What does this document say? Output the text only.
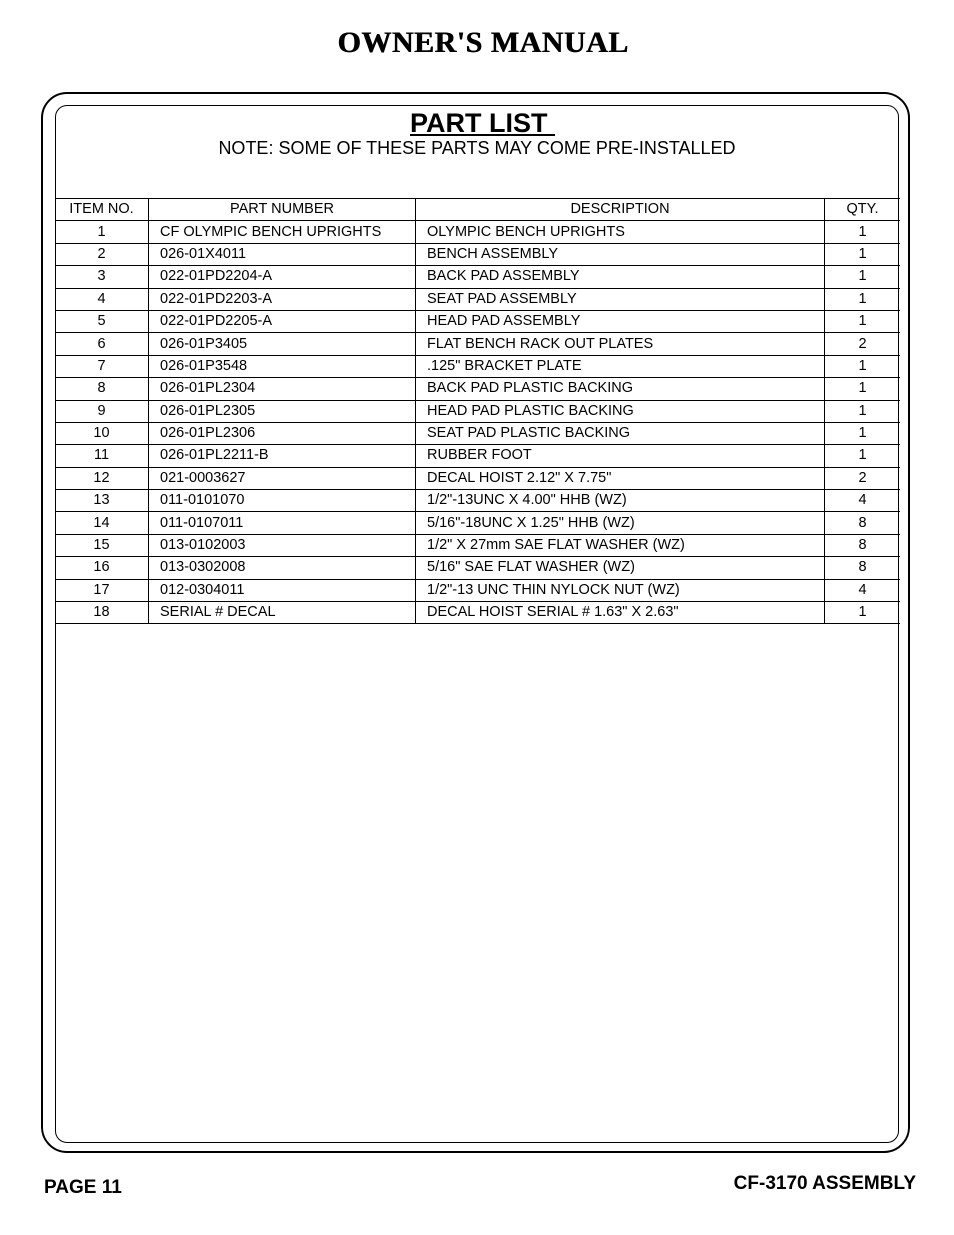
OWNER'S MANUAL
PART LIST
NOTE: SOME OF THESE PARTS MAY COME PRE-INSTALLED
ITEM NO.	PART NUMBER	DESCRIPTION	QTY.
1	CF OLYMPIC BENCH UPRIGHTS	OLYMPIC BENCH UPRIGHTS	1
2	026-01X4011	BENCH ASSEMBLY	1
3	022-01PD2204-A	BACK PAD ASSEMBLY	1
4	022-01PD2203-A	SEAT PAD ASSEMBLY	1
5	022-01PD2205-A	HEAD PAD ASSEMBLY	1
6	026-01P3405	FLAT BENCH RACK OUT PLATES	2
7	026-01P3548	.125" BRACKET PLATE	1
8	026-01PL2304	BACK PAD PLASTIC BACKING	1
9	026-01PL2305	HEAD PAD PLASTIC BACKING	1
10	026-01PL2306	SEAT PAD PLASTIC BACKING	1
11	026-01PL2211-B	RUBBER FOOT	1
12	021-0003627	DECAL HOIST 2.12" X 7.75"	2
13	011-0101070	1/2"-13UNC X 4.00" HHB (WZ)	4
14	011-0107011	5/16"-18UNC X 1.25" HHB (WZ)	8
15	013-0102003	1/2" X 27mm SAE FLAT WASHER (WZ)	8
16	013-0302008	5/16" SAE FLAT WASHER (WZ)	8
17	012-0304011	1/2"-13 UNC THIN NYLOCK NUT (WZ)	4
18	SERIAL # DECAL	DECAL HOIST SERIAL # 1.63" X 2.63"	1
PAGE 11	CF-3170 ASSEMBLY
